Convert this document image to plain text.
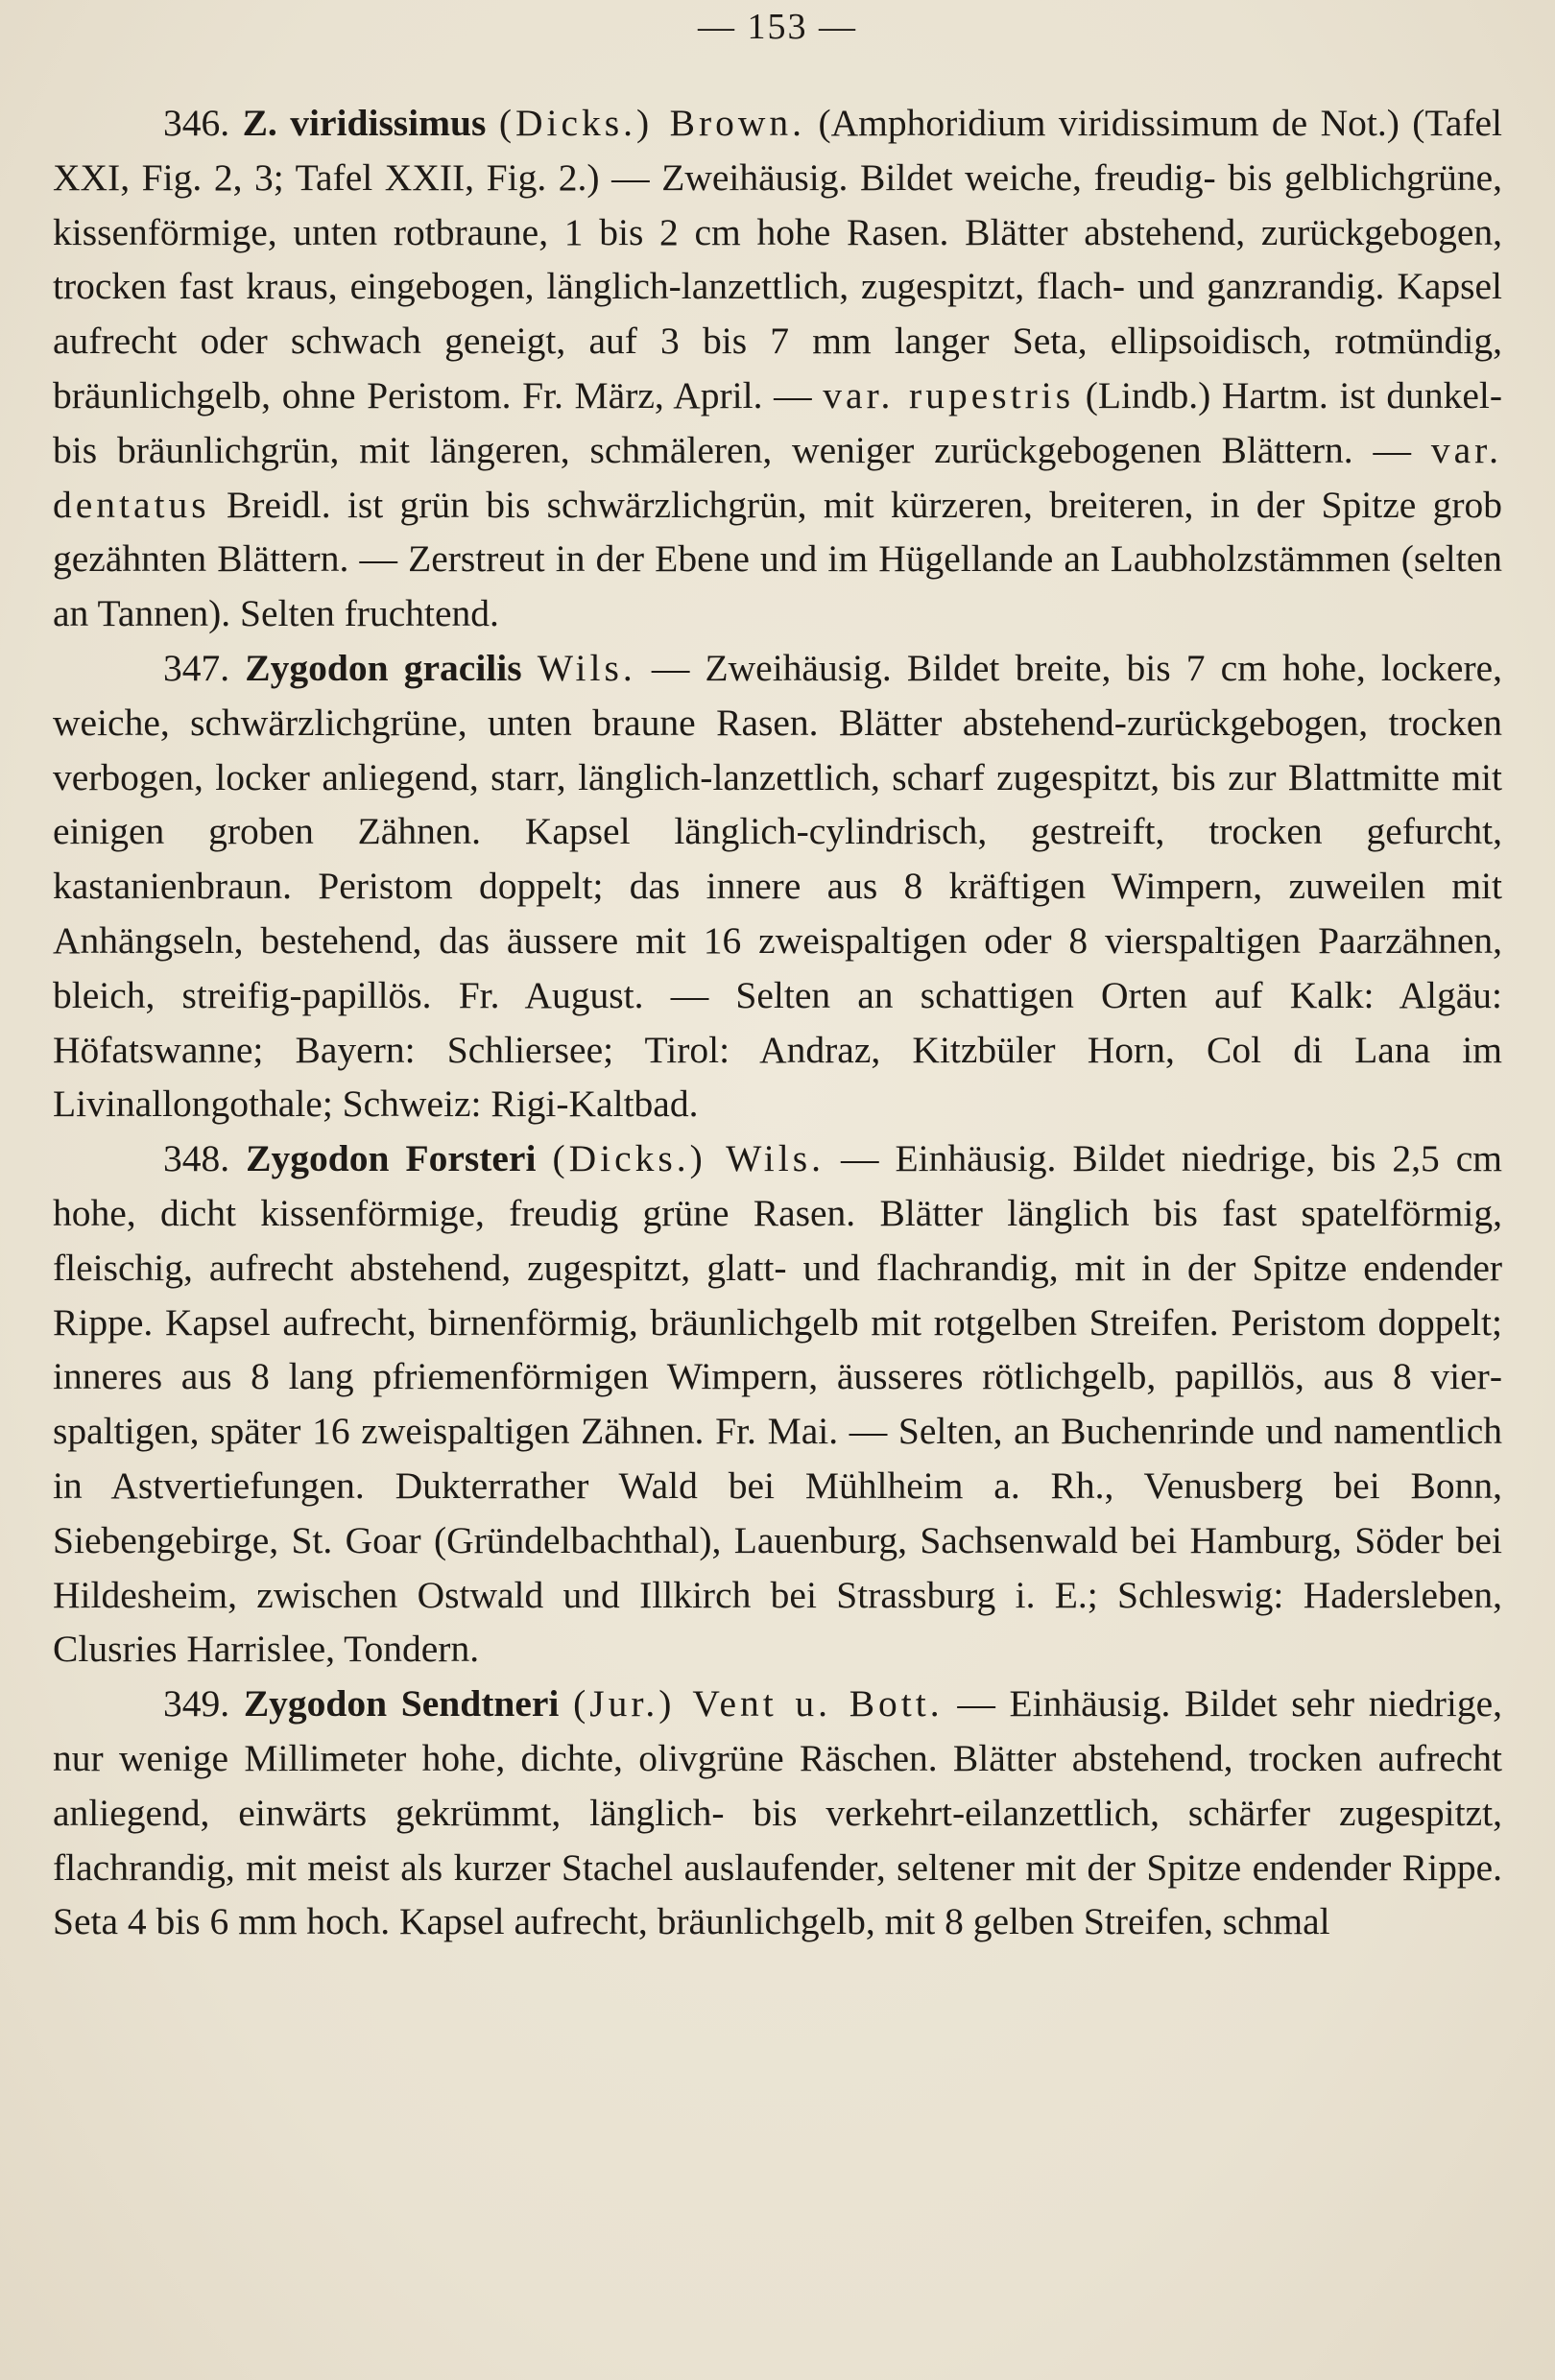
— 153 —

346. Z. viridissimus (Dicks.) Brown. (Amphoridium viridissimum de Not.) (Tafel XXI, Fig. 2, 3; Tafel XXII, Fig. 2.) — Zweihäusig. Bildet weiche, freudig- bis gelblichgrüne, kissenförmige, unten rotbraune, 1 bis 2 cm hohe Rasen. Blätter abstehend, zurückgebogen, trocken fast kraus, eingebogen, länglich-lanzettlich, zugespitzt, flach- und ganzrandig. Kapsel aufrecht oder schwach geneigt, auf 3 bis 7 mm langer Seta, ellipsoidisch, rotmündig, bräunlichgelb, ohne Peristom. Fr. März, April. — var. rupestris (Lindb.) Hartm. ist dunkel- bis bräunlichgrün, mit längeren, schmäleren, weniger zurückgebogenen Blättern. — var. dentatus Breidl. ist grün bis schwärzlichgrün, mit kürzeren, breiteren, in der Spitze grob gezähnten Blättern. — Zerstreut in der Ebene und im Hügellande an Laubholzstämmen (selten an Tannen). Selten fruchtend.

347. Zygodon gracilis Wils. — Zweihäusig. Bildet breite, bis 7 cm hohe, lockere, weiche, schwärzlichgrüne, unten braune Rasen. Blätter abstehend-zurückgebogen, trocken verbogen, locker anliegend, starr, länglich-lanzettlich, scharf zugespitzt, bis zur Blattmitte mit einigen groben Zähnen. Kapsel länglich-cylindrisch, gestreift, trocken gefurcht, kastanienbraun. Peristom doppelt; das innere aus 8 kräftigen Wimpern, zuweilen mit Anhängseln, bestehend, das äussere mit 16 zweispaltigen oder 8 vierspaltigen Paarzähnen, bleich, streifig-papillös. Fr. August. — Selten an schattigen Orten auf Kalk: Algäu: Höfatswanne; Bayern: Schliersee; Tirol: Andraz, Kitzbüler Horn, Col di Lana im Livinallongothale; Schweiz: Rigi-Kaltbad.

348. Zygodon Forsteri (Dicks.) Wils. — Einhäusig. Bildet niedrige, bis 2,5 cm hohe, dicht kissenförmige, freudig grüne Rasen. Blätter länglich bis fast spatelförmig, fleischig, aufrecht abstehend, zugespitzt, glatt- und flachrandig, mit in der Spitze endender Rippe. Kapsel aufrecht, birnenförmig, bräunlichgelb mit rotgelben Streifen. Peristom doppelt; inneres aus 8 lang pfriemenförmigen Wimpern, äusseres rötlichgelb, papillös, aus 8 vierspaltigen, später 16 zweispaltigen Zähnen. Fr. Mai. — Selten, an Buchenrinde und namentlich in Astvertiefungen. Dukterrather Wald bei Mühlheim a. Rh., Venusberg bei Bonn, Siebengebirge, St. Goar (Gründelbachthal), Lauenburg, Sachsenwald bei Hamburg, Söder bei Hildesheim, zwischen Ostwald und Illkirch bei Strassburg i. E.; Schleswig: Hadersleben, Clusries Harrislee, Tondern.

349. Zygodon Sendtneri (Jur.) Vent u. Bott. — Einhäusig. Bildet sehr niedrige, nur wenige Millimeter hohe, dichte, olivgrüne Räschen. Blätter abstehend, trocken aufrecht anliegend, einwärts gekrümmt, länglich- bis verkehrt-eilanzettlich, schärfer zugespitzt, flachrandig, mit meist als kurzer Stachel auslaufender, seltener mit der Spitze endender Rippe. Seta 4 bis 6 mm hoch. Kapsel aufrecht, bräunlichgelb, mit 8 gelben Streifen, schmal
